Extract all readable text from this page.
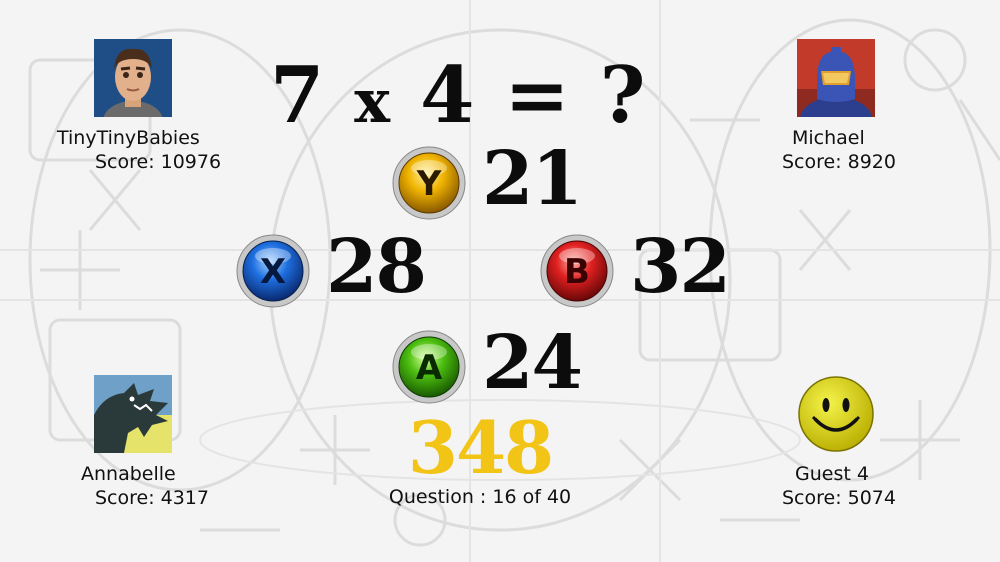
TinyTinyBabies
Score: 10976
Michael
Score: 8920
Annabelle
Score: 4317
Guest 4
Score: 5074
7 x 4 = ?
Y 21
X 28	B 32
A 24
348
Question : 16 of 40
